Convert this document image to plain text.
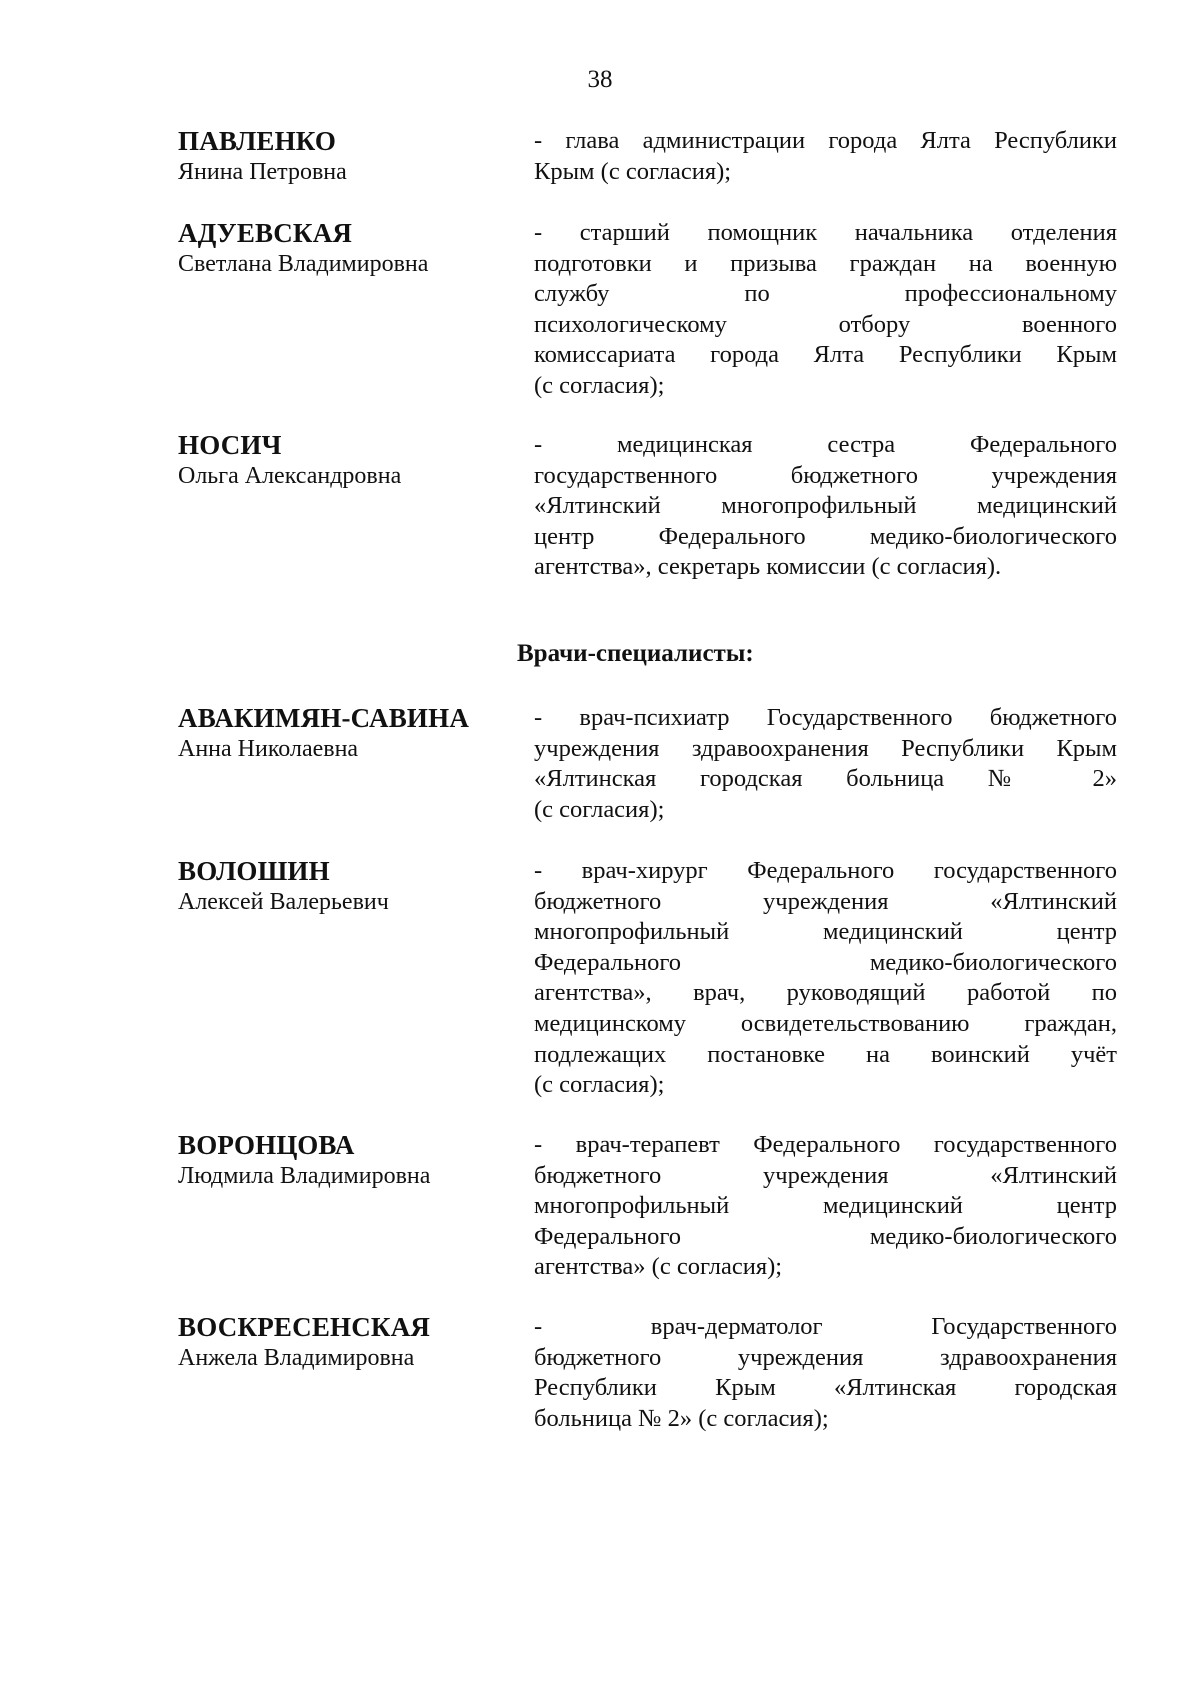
38
ПАВЛЕНКО
Янина Петровна
- глава администрации города Ялта Республики
Крым (с согласия);
АДУЕВСКАЯ
Светлана Владимировна
- старший помощник начальника отделения
подготовки и призыва граждан на военную
службу по профессиональному
психологическому отбору военного
комиссариата города Ялта Республики Крым
(с согласия);
НОСИЧ
Ольга Александровна
- медицинская сестра Федерального
государственного бюджетного учреждения
«Ялтинский многопрофильный медицинский
центр Федерального медико-биологического
агентства», секретарь комиссии (с согласия).
Врачи-специалисты:
АВАКИМЯН-САВИНА
Анна Николаевна
- врач-психиатр Государственного бюджетного
учреждения здравоохранения Республики Крым
«Ялтинская городская больница № 2»
(с согласия);
ВОЛОШИН
Алексей Валерьевич
- врач-хирург Федерального государственного
бюджетного учреждения «Ялтинский
многопрофильный медицинский центр
Федерального медико-биологического
агентства», врач, руководящий работой по
медицинскому освидетельствованию граждан,
подлежащих постановке на воинский учёт
(с согласия);
ВОРОНЦОВА
Людмила Владимировна
- врач-терапевт Федерального государственного
бюджетного учреждения «Ялтинский
многопрофильный медицинский центр
Федерального медико-биологического
агентства» (с согласия);
ВОСКРЕСЕНСКАЯ
Анжела Владимировна
- врач-дерматолог Государственного
бюджетного учреждения здравоохранения
Республики Крым «Ялтинская городская
больница № 2» (с согласия);
